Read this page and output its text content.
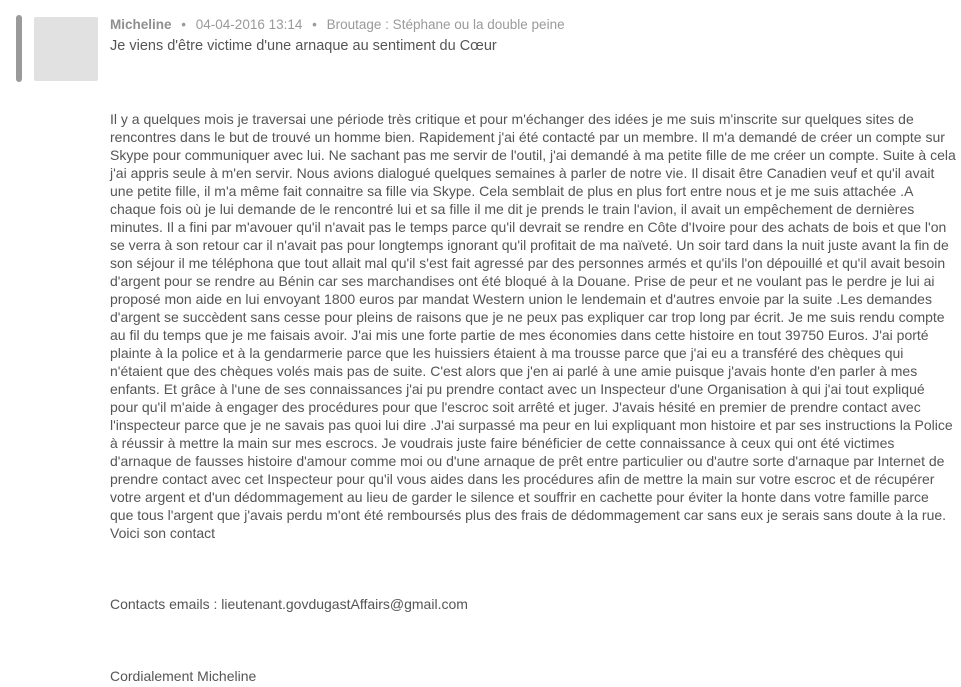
Micheline • 04-04-2016 13:14 • Broutage : Stéphane ou la double peine
Je viens d'être victime d'une arnaque au sentiment du Cœur

Il y a quelques mois je traversai une période très critique et pour m'échanger des idées je me suis m'inscrite sur quelques sites de rencontres dans le but de trouvé un homme bien. Rapidement j'ai été contacté par un membre. Il m'a demandé de créer un compte sur Skype pour communiquer avec lui. Ne sachant pas me servir de l'outil, j'ai demandé à ma petite fille de me créer un compte. Suite à cela j'ai appris seule à m'en servir. Nous avions dialogué quelques semaines à parler de notre vie. Il disait être Canadien veuf et qu'il avait une petite fille, il m'a même fait connaitre sa fille via Skype. Cela semblait de plus en plus fort entre nous et je me suis attachée .A chaque fois où je lui demande de le rencontré lui et sa fille il me dit je prends le train l'avion, il avait un empêchement de dernières minutes. Il a fini par m'avouer qu'il n'avait pas le temps parce qu'il devrait se rendre en Côte d'Ivoire pour des achats de bois et que l'on se verra à son retour car il n'avait pas pour longtemps ignorant qu'il profitait de ma naïveté. Un soir tard dans la nuit juste avant la fin de son séjour il me téléphona que tout allait mal qu'il s'est fait agressé par des personnes armés et qu'ils l'on dépouillé et qu'il avait besoin d'argent pour se rendre au Bénin car ses marchandises ont été bloqué à la Douane. Prise de peur et ne voulant pas le perdre je lui ai proposé mon aide en lui envoyant 1800 euros par mandat Western union le lendemain et d'autres envoie par la suite .Les demandes d'argent se succèdent sans cesse pour pleins de raisons que je ne peux pas expliquer car trop long par écrit. Je me suis rendu compte au fil du temps que je me faisais avoir. J'ai mis une forte partie de mes économies dans cette histoire en tout 39750 Euros. J'ai porté plainte à la police et à la gendarmerie parce que les huissiers étaient à ma trousse parce que j'ai eu a transféré des chèques qui n'étaient que des chèques volés mais pas de suite. C'est alors que j'en ai parlé à une amie puisque j'avais honte d'en parler à mes enfants. Et grâce à l'une de ses connaissances j'ai pu prendre contact avec un Inspecteur d'une Organisation à qui j'ai tout expliqué pour qu'il m'aide à engager des procédures pour que l'escroc soit arrêté et juger. J'avais hésité en premier de prendre contact avec l'inspecteur parce que je ne savais pas quoi lui dire .J'ai surpassé ma peur en lui expliquant mon histoire et par ses instructions la Police à réussir à mettre la main sur mes escrocs. Je voudrais juste faire bénéficier de cette connaissance à ceux qui ont été victimes d'arnaque de fausses histoire d'amour comme moi ou d'une arnaque de prêt entre particulier ou d'autre sorte d'arnaque par Internet de prendre contact avec cet Inspecteur pour qu'il vous aides dans les procédures afin de mettre la main sur votre escroc et de récupérer votre argent et d'un dédommagement au lieu de garder le silence et souffrir en cachette pour éviter la honte dans votre famille parce que tous l'argent que j'avais perdu m'ont été remboursés plus des frais de dédommagement car sans eux je serais sans doute à la rue. Voici son contact

Contacts emails : lieutenant.govdugastAffairs@gmail.com
Cordialement Micheline
